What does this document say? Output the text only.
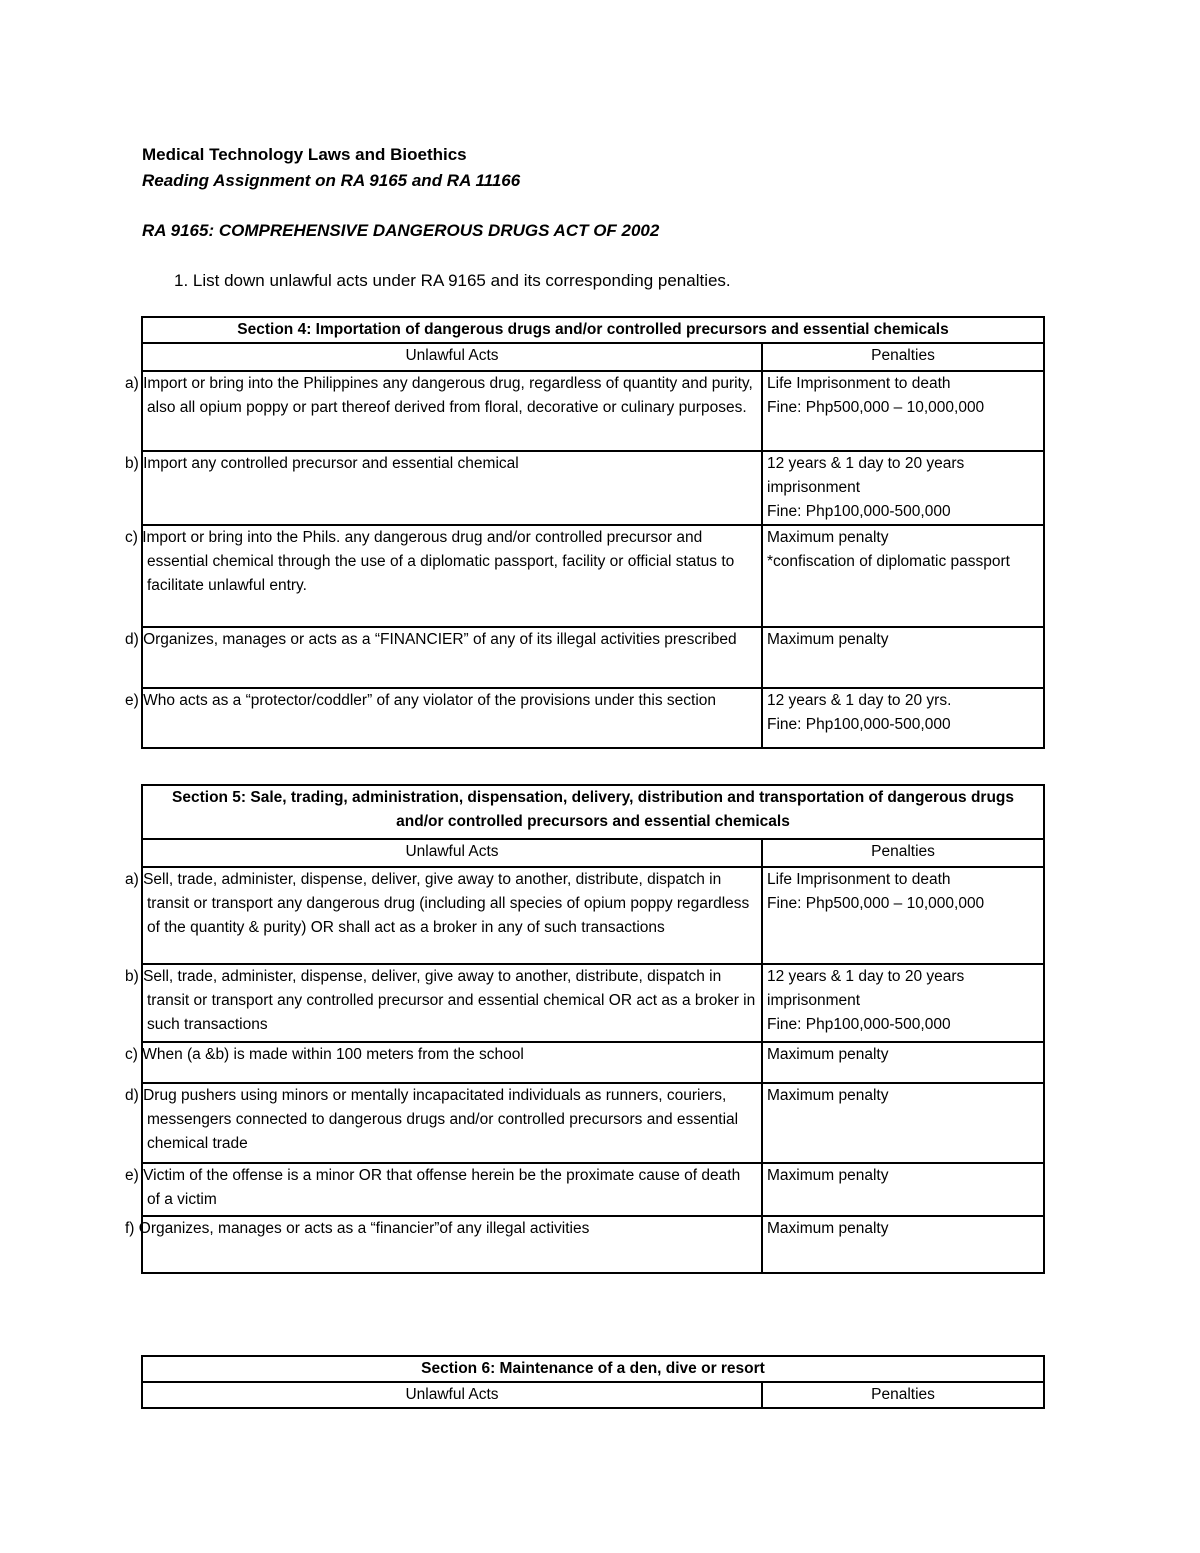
Medical Technology Laws and Bioethics
Reading Assignment on RA 9165 and RA 11166
RA 9165: COMPREHENSIVE DANGEROUS DRUGS ACT OF 2002
1. List down unlawful acts under RA 9165 and its corresponding penalties.
Section 4: Importation of dangerous drugs and/or controlled precursors and essential chemicals	
Unlawful Acts	Penalties
a) Import or bring into the Philippines any dangerous drug, regardless of quantity and purity, also all opium poppy or part thereof derived from floral, decorative or culinary purposes.	Life Imprisonment to death
Fine: Php500,000 – 10,000,000

b) Import any controlled precursor and essential chemical	12 years & 1 day to 20 years imprisonment
Fine: Php100,000-500,000

c) Import or bring into the Phils. any dangerous drug and/or controlled precursor and essential chemical through the use of a diplomatic passport, facility or official status to facilitate unlawful entry.	Maximum penalty
*confiscation of diplomatic passport

d) Organizes, manages or acts as a “FINANCIER” of any of its illegal activities prescribed	Maximum penalty

e) Who acts as a “protector/coddler” of any violator of the provisions under this section	12 years & 1 day to 20 yrs.
Fine: Php100,000-500,000
Section 5: Sale, trading, administration, dispensation, delivery, distribution and transportation of dangerous drugs and/or controlled precursors and essential chemicals	
Unlawful Acts	Penalties
a) Sell, trade, administer, dispense, deliver, give away to another, distribute, dispatch in transit or transport any dangerous drug (including all species of opium poppy regardless of the quantity & purity) OR shall act as a broker in any of such transactions	Life Imprisonment to death
Fine: Php500,000 – 10,000,000

b) Sell, trade, administer, dispense, deliver, give away to another, distribute, dispatch in transit or transport any controlled precursor and essential chemical OR act as a broker in such transactions	12 years & 1 day to 20 years imprisonment
Fine: Php100,000-500,000

c) When (a &b) is made within 100 meters from the school	Maximum penalty

d) Drug pushers using minors or mentally incapacitated individuals as runners, couriers, messengers connected to dangerous drugs and/or controlled precursors and essential chemical trade	Maximum penalty

e) Victim of the offense is a minor OR that offense herein be the proximate cause of death of a victim	Maximum penalty

f) Organizes, manages or acts as a “financier”of any illegal activities	Maximum penalty
Section 6: Maintenance of a den, dive or resort
Unlawful Acts	Penalties
